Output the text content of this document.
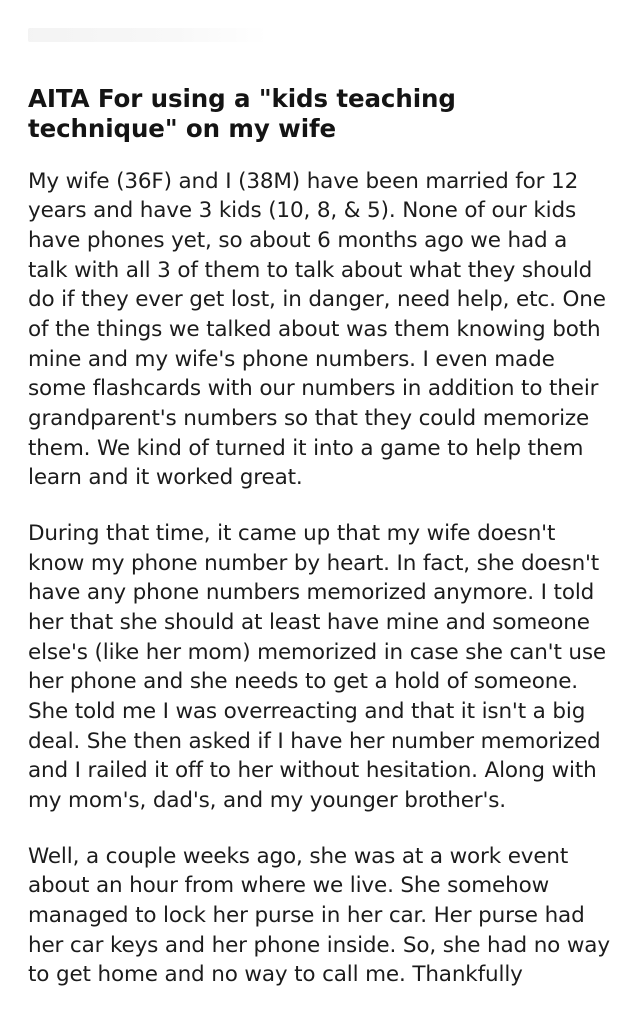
AITA For using a "kids teaching technique" on my wife

My wife (36F) and I (38M) have been married for 12 years and have 3 kids (10, 8, & 5). None of our kids have phones yet, so about 6 months ago we had a talk with all 3 of them to talk about what they should do if they ever get lost, in danger, need help, etc. One of the things we talked about was them knowing both mine and my wife's phone numbers. I even made some flashcards with our numbers in addition to their grandparent's numbers so that they could memorize them. We kind of turned it into a game to help them learn and it worked great.

During that time, it came up that my wife doesn't know my phone number by heart. In fact, she doesn't have any phone numbers memorized anymore. I told her that she should at least have mine and someone else's (like her mom) memorized in case she can't use her phone and she needs to get a hold of someone. She told me I was overreacting and that it isn't a big deal. She then asked if I have her number memorized and I railed it off to her without hesitation. Along with my mom's, dad's, and my younger brother's.

Well, a couple weeks ago, she was at a work event about an hour from where we live. She somehow managed to lock her purse in her car. Her purse had her car keys and her phone inside. So, she had no way to get home and no way to call me. Thankfully
